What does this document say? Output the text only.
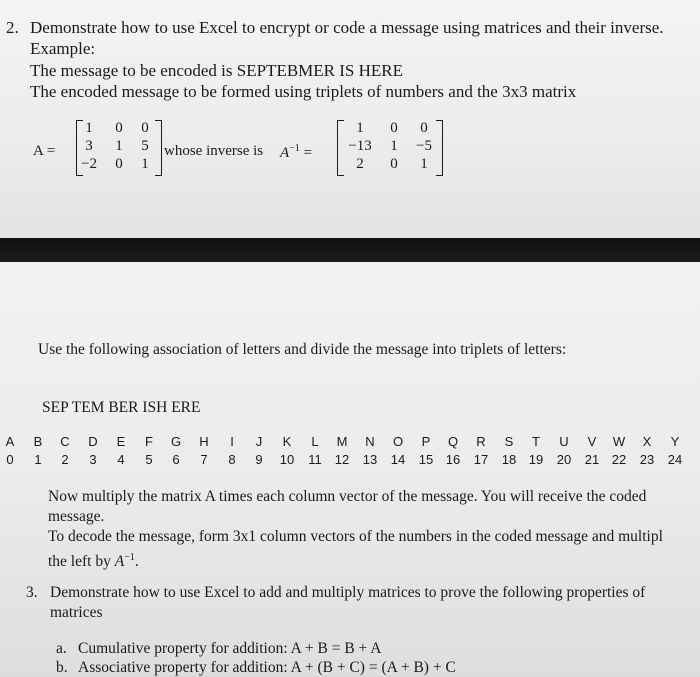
2. Demonstrate how to use Excel to encrypt or code a message using matrices and their inverse.
Example:
The message to be encoded is SEPTEBMER IS HERE
The encoded message to be formed using triplets of numbers and the 3x3 matrix
A =
1	0	0
3	1	5
−2	0	1
whose inverse is $A^{-1}$ =
1	0	0
−13	1	−5
2	0	1
Use the following association of letters and divide the message into triplets of letters:
SEP TEM BER ISH ERE
A	B	C	D	E	F	G	H	I	J	K	L	M	N	O	P	Q	R	S	T	U	V	W	X	Y
0	1	2	3	4	5	6	7	8	9	10 11 12 13 14 15 16 17 18 19 20 21 22 23 24
Now multiply the matrix A times each column vector of the message. You will receive the coded
message.
To decode the message, form 3x1 column vectors of the numbers in the coded message and multipl
the left by $A^{-1}$.
3. Demonstrate how to use Excel to add and multiply matrices to prove the following properties of
matrices
a. Cumulative property for addition: A + B = B + A
b. Associative property for addition: A + (B + C) = (A + B) + C
